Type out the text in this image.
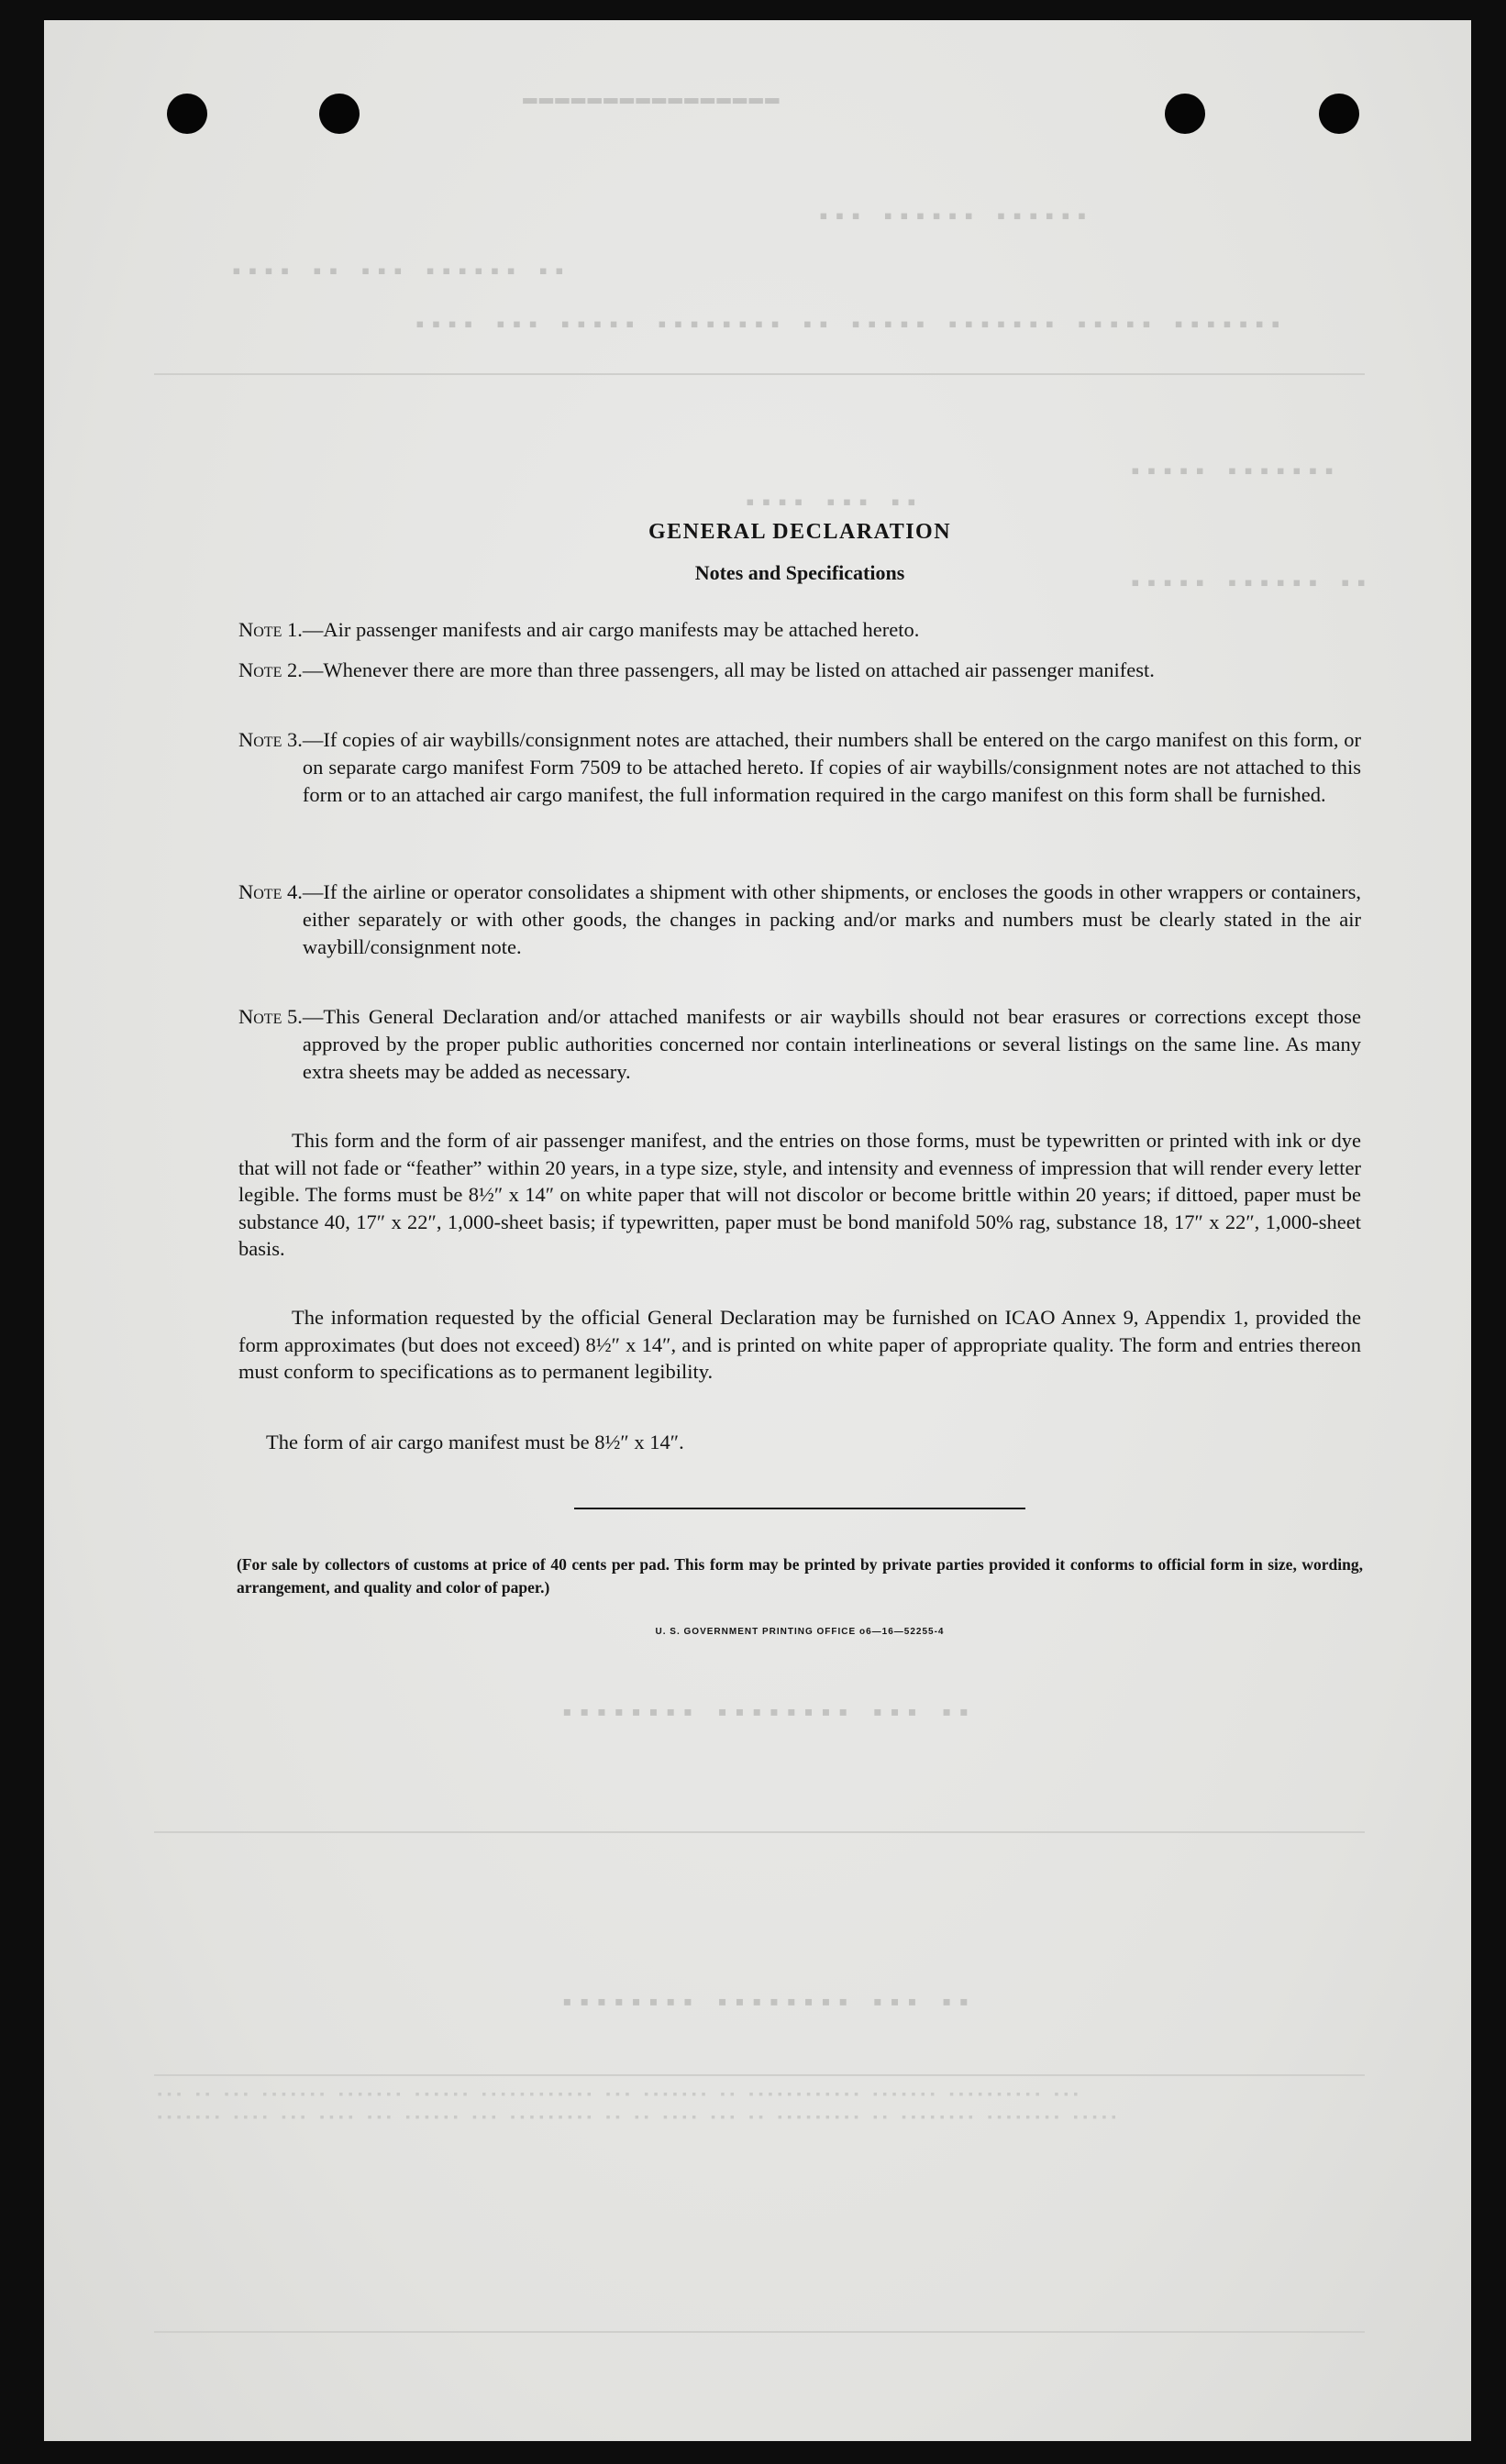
▬▬▬▬▬▬▬▬▬▬▬▬▬▬▬▬
▪▪▪▪▪▪ ▪▪▪▪▪▪ ▪▪▪
▪▪ ▪▪▪▪▪▪ ▪▪▪ ▪▪ ▪▪▪▪
▪▪▪▪▪▪▪ ▪▪▪▪▪ ▪▪▪▪▪▪▪ ▪▪▪▪▪ ▪▪ ▪▪▪▪▪▪▪▪ ▪▪▪▪▪ ▪▪▪ ▪▪▪▪
▪▪▪▪▪▪▪ ▪▪▪▪▪
▪▪ ▪▪▪ ▪▪▪▪
▪▪ ▪▪▪▪▪▪ ▪▪▪▪▪
▪▪ ▪▪▪ ▪▪▪▪▪▪▪▪ ▪▪▪▪▪▪▪▪
▪▪ ▪▪▪ ▪▪▪▪▪▪▪▪ ▪▪▪▪▪▪▪▪
▪▪▪ ▪▪▪▪▪▪▪▪▪▪ ▪▪▪▪▪▪▪ ▪▪▪▪▪▪▪▪▪▪▪▪ ▪▪ ▪▪▪▪▪▪▪ ▪▪▪ ▪▪▪▪▪▪▪▪▪▪▪▪ ▪▪▪▪▪▪ ▪▪▪▪▪▪▪ ▪▪▪▪▪▪▪ ▪▪▪ ▪▪ ▪▪▪
▪▪▪▪▪ ▪▪▪▪▪▪▪▪ ▪▪▪▪▪▪▪▪ ▪▪ ▪▪▪▪▪▪▪▪▪ ▪▪ ▪▪▪ ▪▪▪▪ ▪▪ ▪▪ ▪▪▪▪▪▪▪▪▪ ▪▪▪ ▪▪▪▪▪▪ ▪▪▪ ▪▪▪▪ ▪▪▪ ▪▪▪▪ ▪▪▪▪▪▪▪
GENERAL DECLARATION
Notes and Specifications
Note 1. —Air passenger manifests and air cargo manifests may be attached hereto.
Note 2. —Whenever there are more than three passengers, all may be listed on attached air passenger manifest.
Note 3. —If copies of air waybills/consignment notes are attached, their numbers shall be entered on the cargo manifest on this form, or on separate cargo manifest Form 7509 to be attached hereto. If copies of air waybills/consignment notes are not attached to this form or to an attached air cargo manifest, the full information required in the cargo manifest on this form shall be furnished.
Note 4. —If the airline or operator consolidates a shipment with other shipments, or encloses the goods in other wrappers or containers, either separately or with other goods, the changes in packing and/or marks and numbers must be clearly stated in the air waybill/consignment note.
Note 5. —This General Declaration and/or attached manifests or air waybills should not bear erasures or corrections except those approved by the proper public authorities concerned nor contain interlineations or several listings on the same line. As many extra sheets may be added as necessary.
This form and the form of air passenger manifest, and the entries on those forms, must be typewritten or printed with ink or dye that will not fade or “feather” within 20 years, in a type size, style, and intensity and evenness of impression that will render every letter legible. The forms must be 8½″ x 14″ on white paper that will not discolor or become brittle within 20 years; if dittoed, paper must be substance 40, 17″ x 22″, 1,000-sheet basis; if typewritten, paper must be bond manifold 50% rag, substance 18, 17″ x 22″, 1,000-sheet basis.
The information requested by the official General Declaration may be furnished on ICAO Annex 9, Appendix 1, provided the form approximates (but does not exceed) 8½″ x 14″, and is printed on white paper of appropriate quality. The form and entries thereon must conform to specifications as to permanent legibility.
The form of air cargo manifest must be 8½″ x 14″.
(For sale by collectors of customs at price of 40 cents per pad. This form may be printed by private parties provided it conforms to official form in size, wording, arrangement, and quality and color of paper.)
U. S. GOVERNMENT PRINTING OFFICE o6—16—52255-4
